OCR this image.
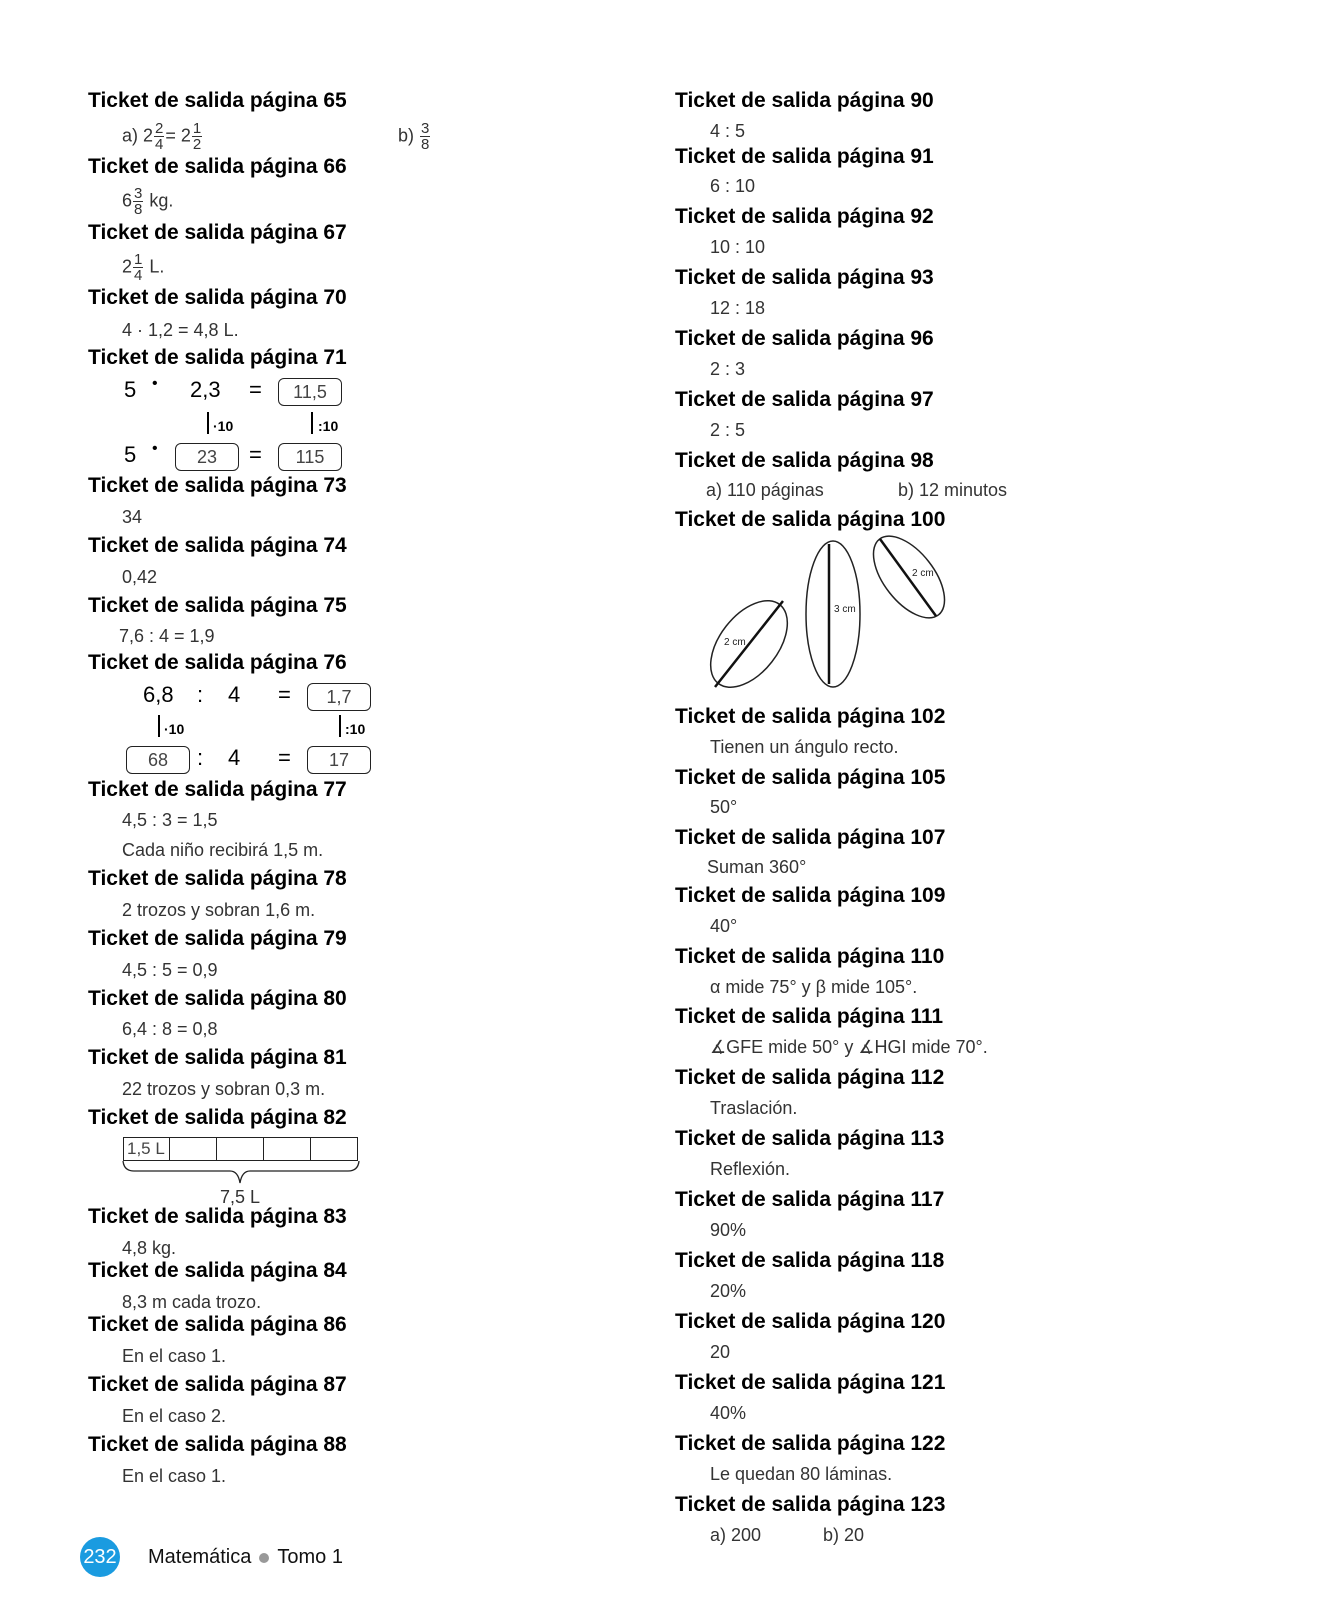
Ticket de salida página 65
a) $2 \frac{2}{4} = 2 \frac{1}{2}$	$b) \frac{3}{8}$
Ticket de salida página 66
$6 \frac{3}{8}$ kg.
Ticket de salida página 67
$2 \frac{1}{4} L$.
Ticket de salida página 70
4 · 1,2 = 4,8 L.
Ticket de salida página 71
5 • 2,3 =	11,5
·10	:10
5 •	23	=	115
Ticket de salida página 73
34
Ticket de salida página 74
0,42
Ticket de salida página 75
7,6 : 4 = 1,9
Ticket de salida página 76
6,8 : 4 =	1,7
·10	:10
68	: 4 =	17
Ticket de salida página 77
4,5 : 3 = 1,5
Cada niño recibirá 1,5 m.
Ticket de salida página 78
2 trozos y sobran 1,6 m.
Ticket de salida página 79
4,5 : 5 = 0,9
Ticket de salida página 80
6,4 : 8 = 0,8
Ticket de salida página 81
22 trozos y sobran 0,3 m.
Ticket de salida página 82
1,5 L
7,5 L
Ticket de salida página 83
4,8 kg.
Ticket de salida página 84
8,3 m cada trozo.
Ticket de salida página 86
En el caso 1.
Ticket de salida página 87
En el caso 2.
Ticket de salida página 88
En el caso 1.
Ticket de salida página 90
4 : 5
Ticket de salida página 91
6 : 10
Ticket de salida página 92
10 : 10
Ticket de salida página 93
12 : 18
Ticket de salida página 96
2 : 3
Ticket de salida página 97
2 : 5
Ticket de salida página 98
a) 110 páginas	b) 12 minutos
Ticket de salida página 100
2 cm
3 cm
2 cm
Ticket de salida página 102
Tienen un ángulo recto.
Ticket de salida página 105
50°
Ticket de salida página 107
Suman 360°
Ticket de salida página 109
40°
Ticket de salida página 110
α mide 75° y β mide 105°.
Ticket de salida página 111
∡GFE mide 50° y ∡HGI mide 70°.
Ticket de salida página 112
Traslación.
Ticket de salida página 113
Reflexión.
Ticket de salida página 117
90%
Ticket de salida página 118
20%
Ticket de salida página 120
20
Ticket de salida página 121
40%
Ticket de salida página 122
Le quedan 80 láminas.
Ticket de salida página 123
a) 200	b) 20
232 Matemática Tomo 1
